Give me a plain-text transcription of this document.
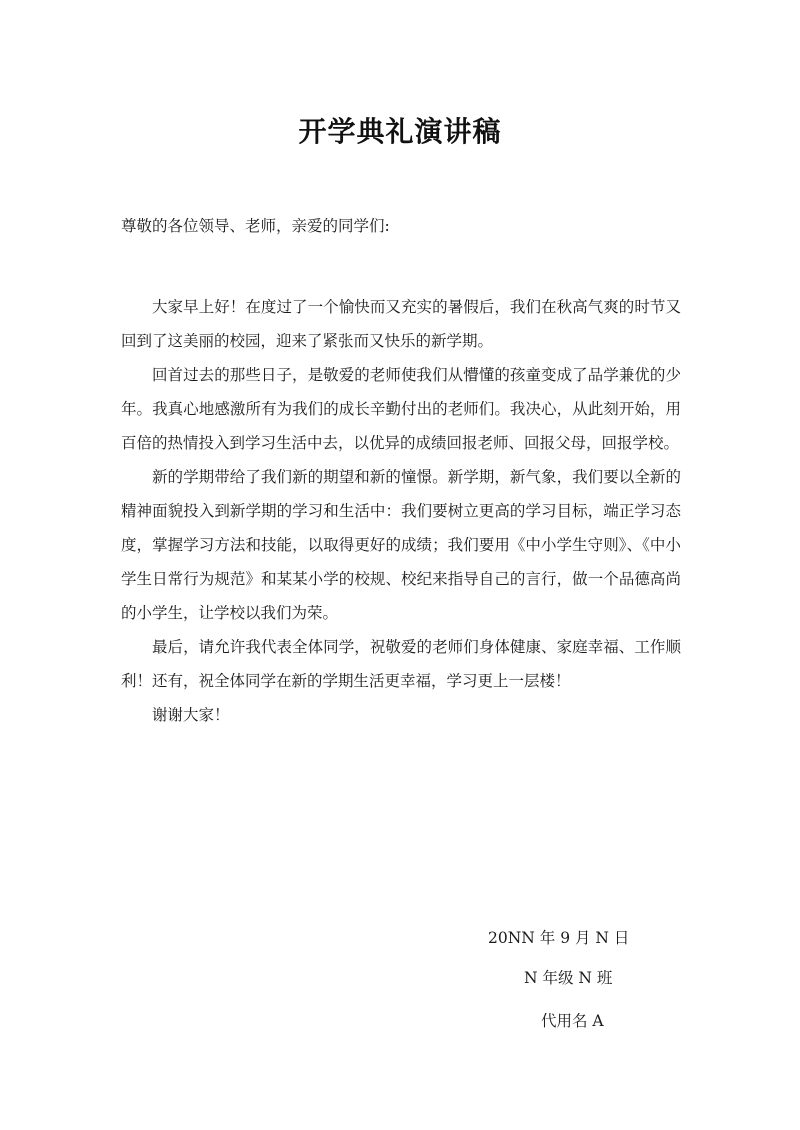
开学典礼演讲稿
尊敬的各位领导、老师，亲爱的同学们:

大家早上好！在度过了一个愉快而又充实的暑假后，我们在秋高气爽的时节又回到了这美丽的校园，迎来了紧张而又快乐的新学期。

回首过去的那些日子，是敬爱的老师使我们从懵懂的孩童变成了品学兼优的少年。我真心地感激所有为我们的成长辛勤付出的老师们。我决心，从此刻开始，用百倍的热情投入到学习生活中去，以优异的成绩回报老师、回报父母，回报学校。

新的学期带给了我们新的期望和新的憧憬。新学期，新气象，我们要以全新的精神面貌投入到新学期的学习和生活中：我们要树立更高的学习目标，端正学习态度，掌握学习方法和技能，以取得更好的成绩；我们要用《中小学生守则》、《中小学生日常行为规范》和某某小学的校规、校纪来指导自己的言行，做一个品德高尚的小学生，让学校以我们为荣。

最后，请允许我代表全体同学，祝敬爱的老师们身体健康、家庭幸福、工作顺利！还有，祝全体同学在新的学期生活更幸福，学习更上一层楼！

谢谢大家！

20NN 年 9 月 N 日
N 年级 N 班
代用名 A
